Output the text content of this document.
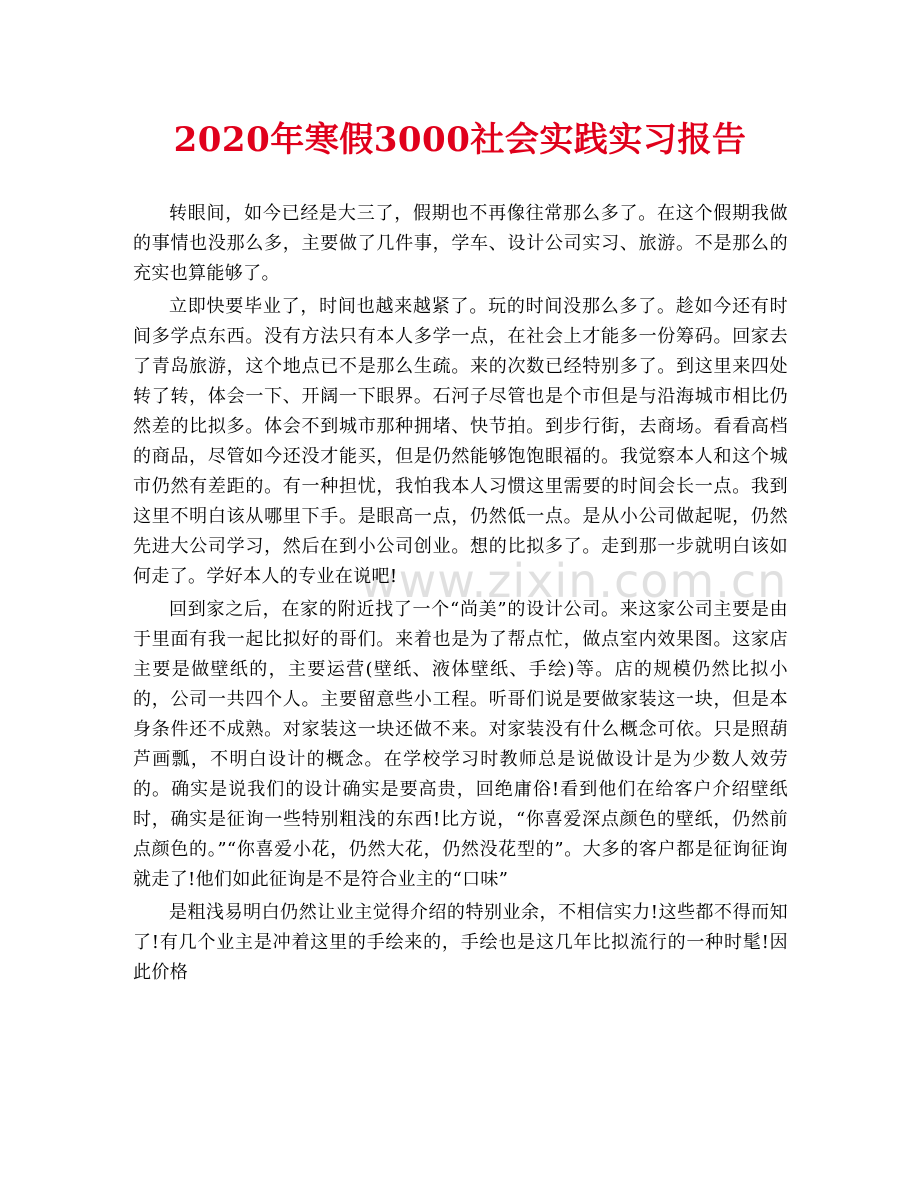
2020年寒假3000社会实践实习报告
www.zixin.com.cn

转眼间，如今已经是大三了，假期也不再像往常那么多了。在这个假期我做的事情也没那么多，主要做了几件事，学车、设计公司实习、旅游。不是那么的充实也算能够了。

立即快要毕业了，时间也越来越紧了。玩的时间没那么多了。趁如今还有时间多学点东西。没有方法只有本人多学一点，在社会上才能多一份筹码。回家去了青岛旅游，这个地点已不是那么生疏。来的次数已经特别多了。到这里来四处转了转，体会一下、开阔一下眼界。石河子尽管也是个市但是与沿海城市相比仍然差的比拟多。体会不到城市那种拥堵、快节拍。到步行街，去商场。看看高档的商品，尽管如今还没才能买，但是仍然能够饱饱眼福的。我觉察本人和这个城市仍然有差距的。有一种担忧，我怕我本人习惯这里需要的时间会长一点。我到这里不明白该从哪里下手。是眼高一点，仍然低一点。是从小公司做起呢，仍然先进大公司学习，然后在到小公司创业。想的比拟多了。走到那一步就明白该如何走了。学好本人的专业在说吧!

回到家之后，在家的附近找了一个“尚美”的设计公司。来这家公司主要是由于里面有我一起比拟好的哥们。来着也是为了帮点忙，做点室内效果图。这家店主要是做壁纸的，主要运营(壁纸、液体壁纸、手绘)等。店的规模仍然比拟小的，公司一共四个人。主要留意些小工程。听哥们说是要做家装这一块，但是本身条件还不成熟。对家装这一块还做不来。对家装没有什么概念可依。只是照葫芦画瓢，不明白设计的概念。在学校学习时教师总是说做设计是为少数人效劳的。确实是说我们的设计确实是要高贵，回绝庸俗!看到他们在给客户介绍壁纸时，确实是征询一些特别粗浅的东西!比方说，“你喜爱深点颜色的壁纸，仍然前点颜色的。”“你喜爱小花，仍然大花，仍然没花型的”。大多的客户都是征询征询就走了!他们如此征询是不是符合业主的“口味”

是粗浅易明白仍然让业主觉得介绍的特别业余，不相信实力!这些都不得而知了!有几个业主是冲着这里的手绘来的，手绘也是这几年比拟流行的一种时髦!因此价格
